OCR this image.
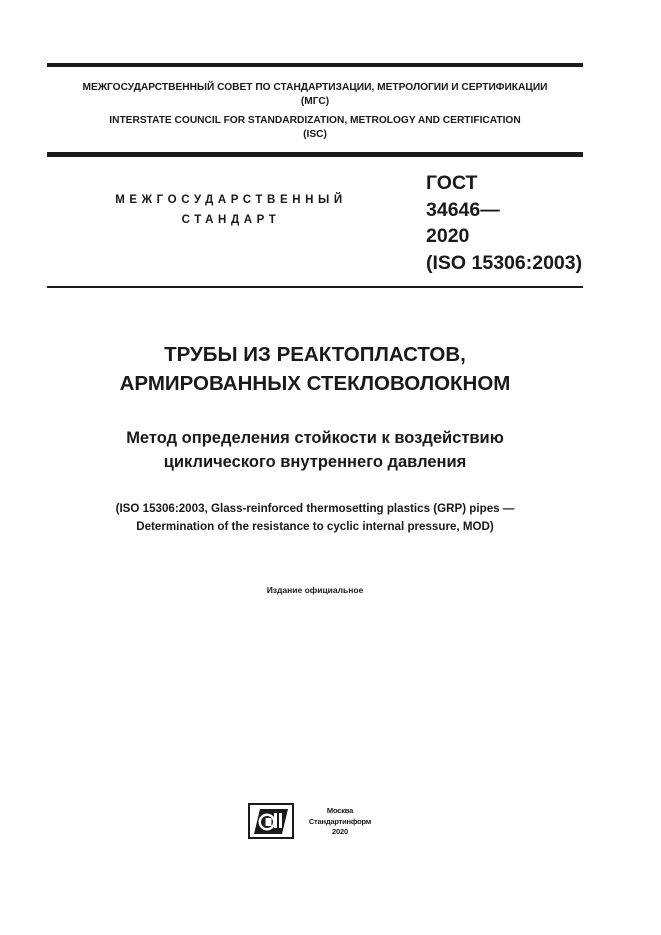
МЕЖГОСУДАРСТВЕННЫЙ СОВЕТ ПО СТАНДАРТИЗАЦИИ, МЕТРОЛОГИИ И СЕРТИФИКАЦИИ
(МГС)
INTERSTATE COUNCIL FOR STANDARDIZATION, METROLOGY AND CERTIFICATION
(ISC)
МЕЖГОСУДАРСТВЕННЫЙ
СТАНДАРТ
ГОСТ
34646—
2020
(ISO 15306:2003)
ТРУБЫ ИЗ РЕАКТОПЛАСТОВ,
АРМИРОВАННЫХ СТЕКЛОВОЛОКНОМ
Метод определения стойкости к воздействию
циклического внутреннего давления
(ISO 15306:2003, Glass-reinforced thermosetting plastics (GRP) pipes —
Determination of the resistance to cyclic internal pressure, MOD)
Издание официальное
Москва
Стандартинформ
2020
